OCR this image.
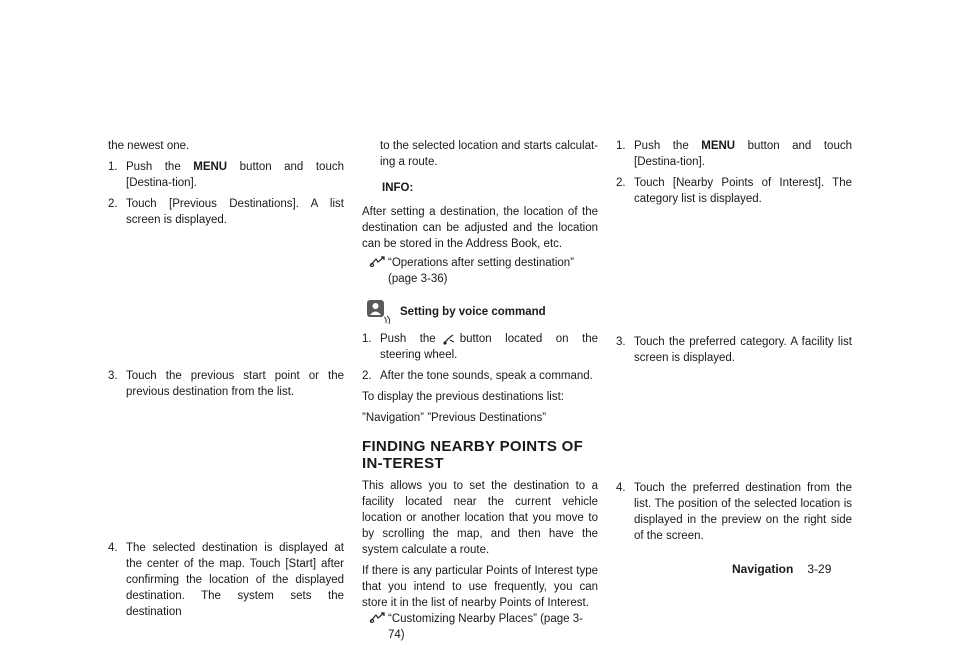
the newest one.

1. Push the MENU button and touch [Destina-tion].
2. Touch [Previous Destinations]. A list screen is displayed.
3. Touch the previous start point or the previous destination from the list.
4. The selected destination is displayed at the center of the map. Touch [Start] after confirming the location of the displayed destination. The system sets the destination

to the selected location and starts calculat-ing a route.

INFO:

After setting a destination, the location of the destination can be adjusted and the location can be stored in the Address Book, etc.

“Operations after setting destination” (page 3-36)
Setting by voice command
1. Push the button located on the steering wheel.
2. After the tone sounds, speak a command.

To display the previous destinations list:

”Navigation” ”Previous Destinations”

FINDING NEARBY POINTS OF IN-TEREST

This allows you to set the destination to a facility located near the current vehicle location or another location that you move to by scrolling the map, and then have the system calculate a route.

If there is any particular Points of Interest type that you intend to use frequently, you can store it in the list of nearby Points of Interest.

“Customizing Nearby Places” (page 3-74)
1. Push the MENU button and touch [Destina-tion].
2. Touch [Nearby Points of Interest]. The category list is displayed.
3. Touch the preferred category. A facility list screen is displayed.
4. Touch the preferred destination from the list. The position of the selected location is displayed in the preview on the right side of the screen.
Navigation 3-29
